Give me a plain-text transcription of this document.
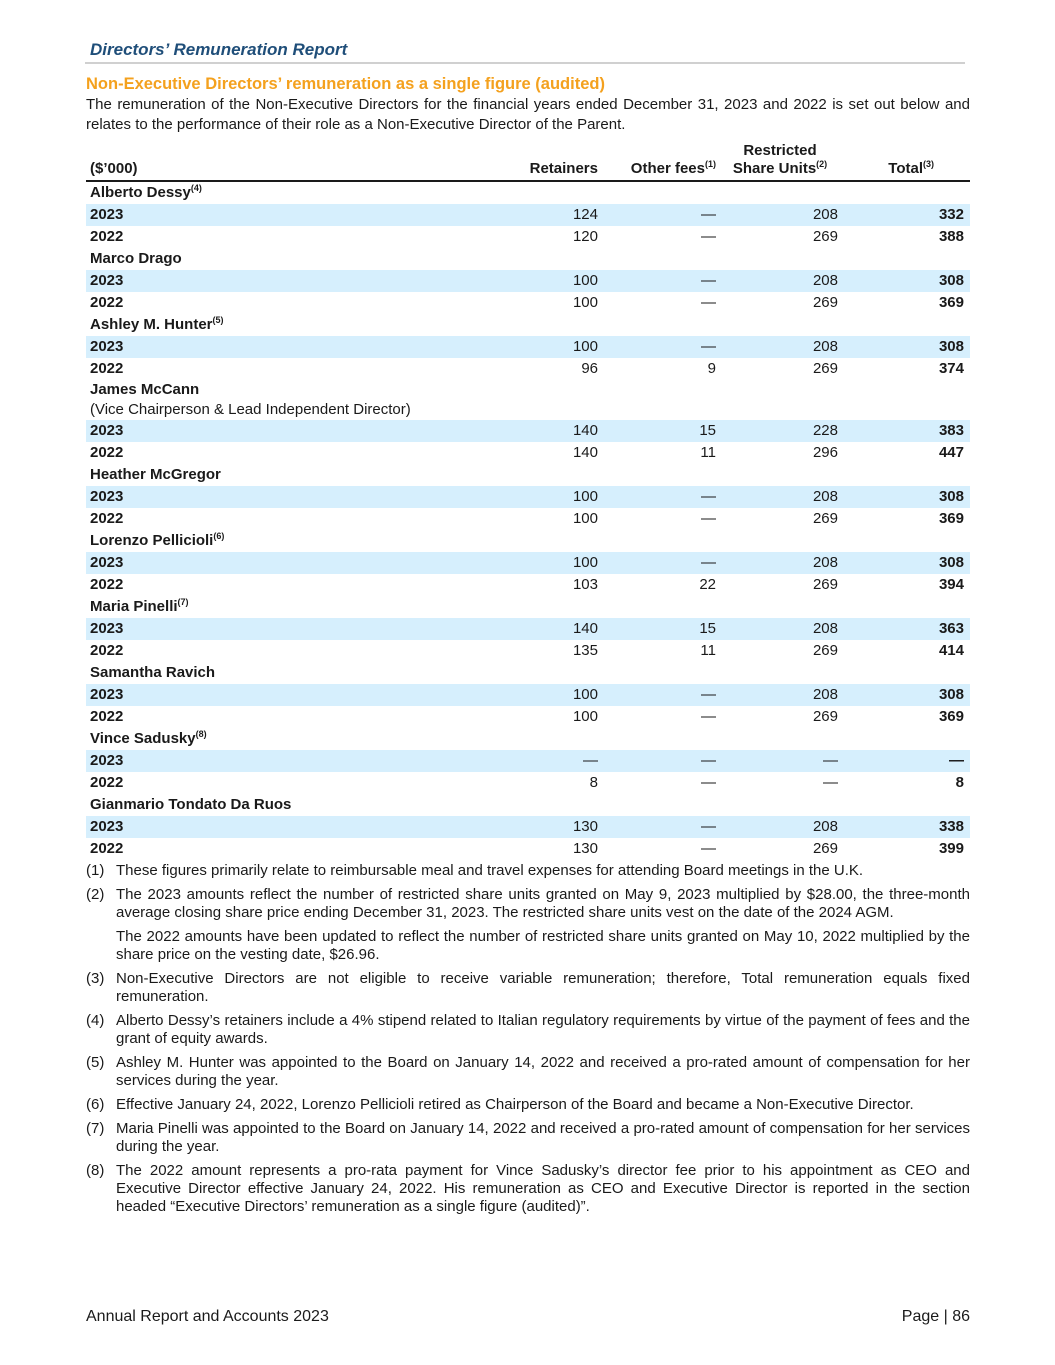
Directors’ Remuneration Report
Non-Executive Directors’ remuneration as a single figure (audited)
The remuneration of the Non-Executive Directors for the financial years ended December 31, 2023 and 2022 is set out below and relates to the performance of their role as a Non-Executive Director of the Parent.
($’000)	Retainers	Other fees$^{(1)}$	Restricted
Share Units$^{(2)}$	Total$^{(3)}$
Alberto Dessy$^{(4)}$
2023	124	—	208	332
2022	120	—	269	388
Marco Drago				
2023	100	—	208	308
2022	100	—	269	369
Ashley M. Hunter$^{(5)}$
2023	100	—	208	308
2022	96	9	269	374
James McCann
(Vice Chairperson & Lead Independent Director)				

2023	140	15	228	383
2022	140	11	296	447
Heather McGregor				
2023	100	—	208	308
2022	100	—	269	369
Lorenzo Pellicioli$^{(6)}$
2023	100	—	208	308
2022	103	22	269	394
Maria Pinelli$^{(7)}$
2023	140	15	208	363
2022	135	11	269	414
Samantha Ravich				
2023	100	—	208	308
2022	100	—	269	369
Vince Sadusky$^{(8)}$
2023	—	—	—	—
2022	8	—	—	8
Gianmario Tondato Da Ruos				
2023	130	—	208	338
2022	130	—	269	399
(1) These figures primarily relate to reimbursable meal and travel expenses for attending Board meetings in the U.K.
(2) The 2023 amounts reflect the number of restricted share units granted on May 9, 2023 multiplied by $28.00, the three-month average closing share price ending December 31, 2023. The restricted share units vest on the date of the 2024 AGM.
The 2022 amounts have been updated to reflect the number of restricted share units granted on May 10, 2022 multiplied by the share price on the vesting date, $26.96.
(3) Non-Executive Directors are not eligible to receive variable remuneration; therefore, Total remuneration equals fixed remuneration.
(4) Alberto Dessy’s retainers include a 4% stipend related to Italian regulatory requirements by virtue of the payment of fees and the grant of equity awards.
(5) Ashley M. Hunter was appointed to the Board on January 14, 2022 and received a pro-rated amount of compensation for her services during the year.
(6) Effective January 24, 2022, Lorenzo Pellicioli retired as Chairperson of the Board and became a Non-Executive Director.
(7) Maria Pinelli was appointed to the Board on January 14, 2022 and received a pro-rated amount of compensation for her services during the year.
(8) The 2022 amount represents a pro-rata payment for Vince Sadusky’s director fee prior to his appointment as CEO and Executive Director effective January 24, 2022. His remuneration as CEO and Executive Director is reported in the section headed “Executive Directors’ remuneration as a single figure (audited)”.
Annual Report and Accounts 2023	Page | 86
